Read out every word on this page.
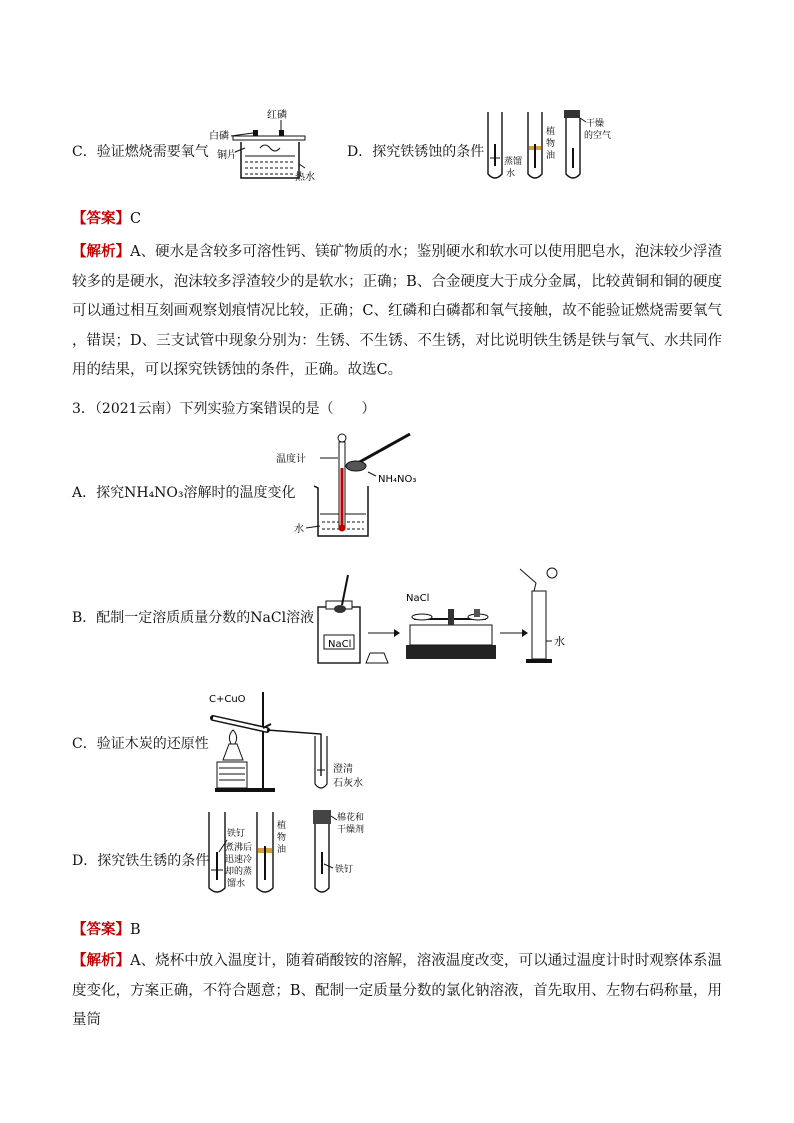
C．验证燃烧需要氧气
红磷
白磷
铜片
热水
D．探究铁锈蚀的条件
蒸馏
水
植
物
油
干燥
的空气
【答案】C
【解析】A、硬水是含较多可溶性钙、镁矿物质的水；鉴别硬水和软水可以使用肥皂水，泡沫较少浮渣较多的是硬水，泡沫较多浮渣较少的是软水；正确；B、合金硬度大于成分金属，比较黄铜和铜的硬度可以通过相互刻画观察划痕情况比较，正确；C、红磷和白磷都和氧气接触，故不能验证燃烧需要氧气 ，错误；D、三支试管中现象分别为：生锈、不生锈、不生锈，对比说明铁生锈是铁与氧气、水共同作用的结果，可以探究铁锈蚀的条件，正确。故选C。
3．（2021云南）下列实验方案错误的是（　　）
A．探究NH₄NO₃溶解时的温度变化
温度计
NH₄NO₃
水
B．配制一定溶质质量分数的NaCl溶液
NaCl
NaCl
水
C．验证木炭的还原性
C+CuO
澄清
石灰水
D．探究铁生锈的条件
铁钉
煮沸后
迅速冷
却的蒸
馏水
植
物
油
棉花和
干燥剂
铁钉
【答案】B
【解析】A、烧杯中放入温度计，随着硝酸铵的溶解，溶液温度改变，可以通过温度计时时观察体系温度变化，方案正确，不符合题意；B、配制一定质量分数的氯化钠溶液，首先取用、左物右码称量，用量筒
